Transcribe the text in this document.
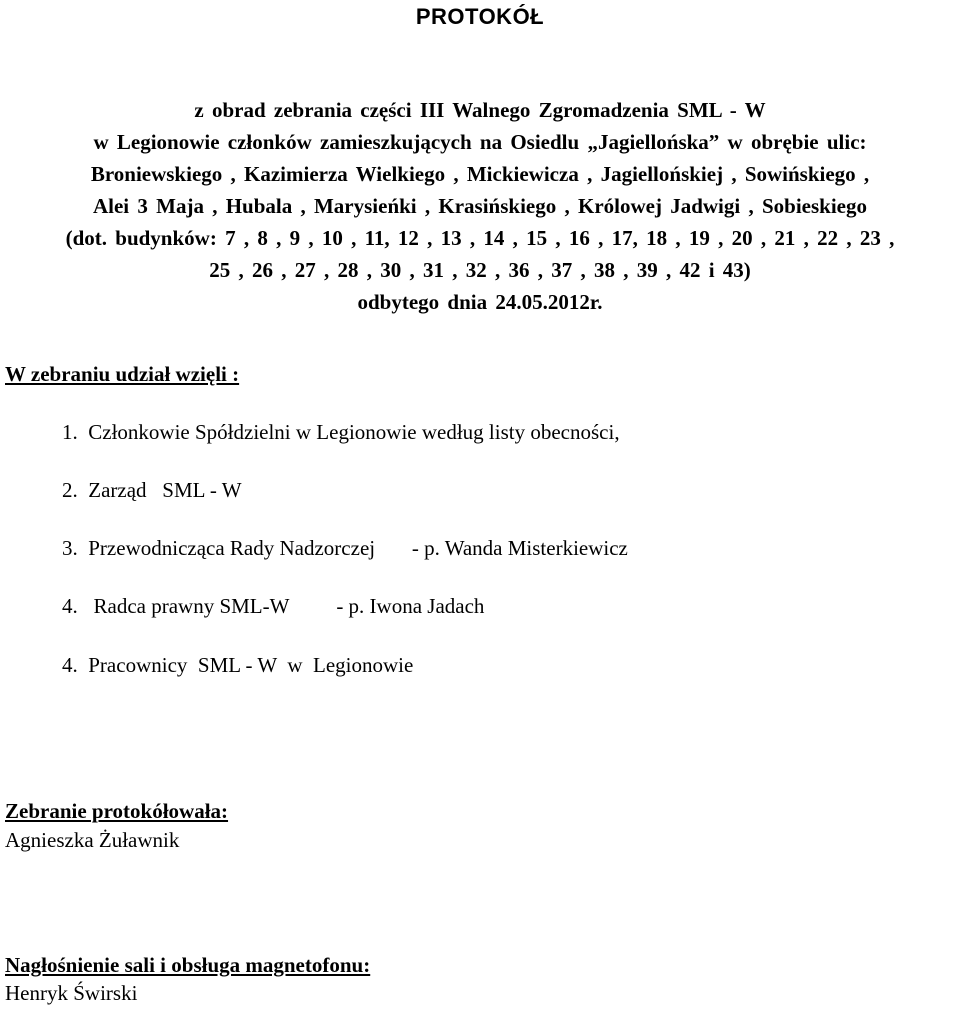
PROTOKÓŁ
z obrad zebrania części III Walnego Zgromadzenia SML - W
w Legionowie członków zamieszkujących na Osiedlu „Jagiellońska” w obrębie ulic:
Broniewskiego , Kazimierza Wielkiego , Mickiewicza , Jagiellońskiej , Sowińskiego ,
Alei 3 Maja , Hubala , Marysieńki , Krasińskiego , Królowej Jadwigi , Sobieskiego
(dot. budynków: 7 , 8 , 9 , 10 , 11, 12 , 13 , 14 , 15 , 16 , 17, 18 , 19 , 20 , 21 , 22 , 23 ,
25 , 26 , 27 , 28 , 30 , 31 , 32 , 36 , 37 , 38 , 39 , 42 i 43)
odbytego dnia 24.05.2012r.
W zebraniu udział wzięli :
1.  Członkowie Spółdzielni w Legionowie według listy obecności,
2.  Zarząd   SML - W
3.  Przewodnicząca Rady Nadzorczej       - p. Wanda Misterkiewicz
4.   Radca prawny SML-W         - p. Iwona Jadach
4.  Pracownicy  SML - W  w  Legionowie
Zebranie protokółowała:
Agnieszka Żuławnik
Nagłośnienie sali i obsługa magnetofonu:
Henryk Świrski
